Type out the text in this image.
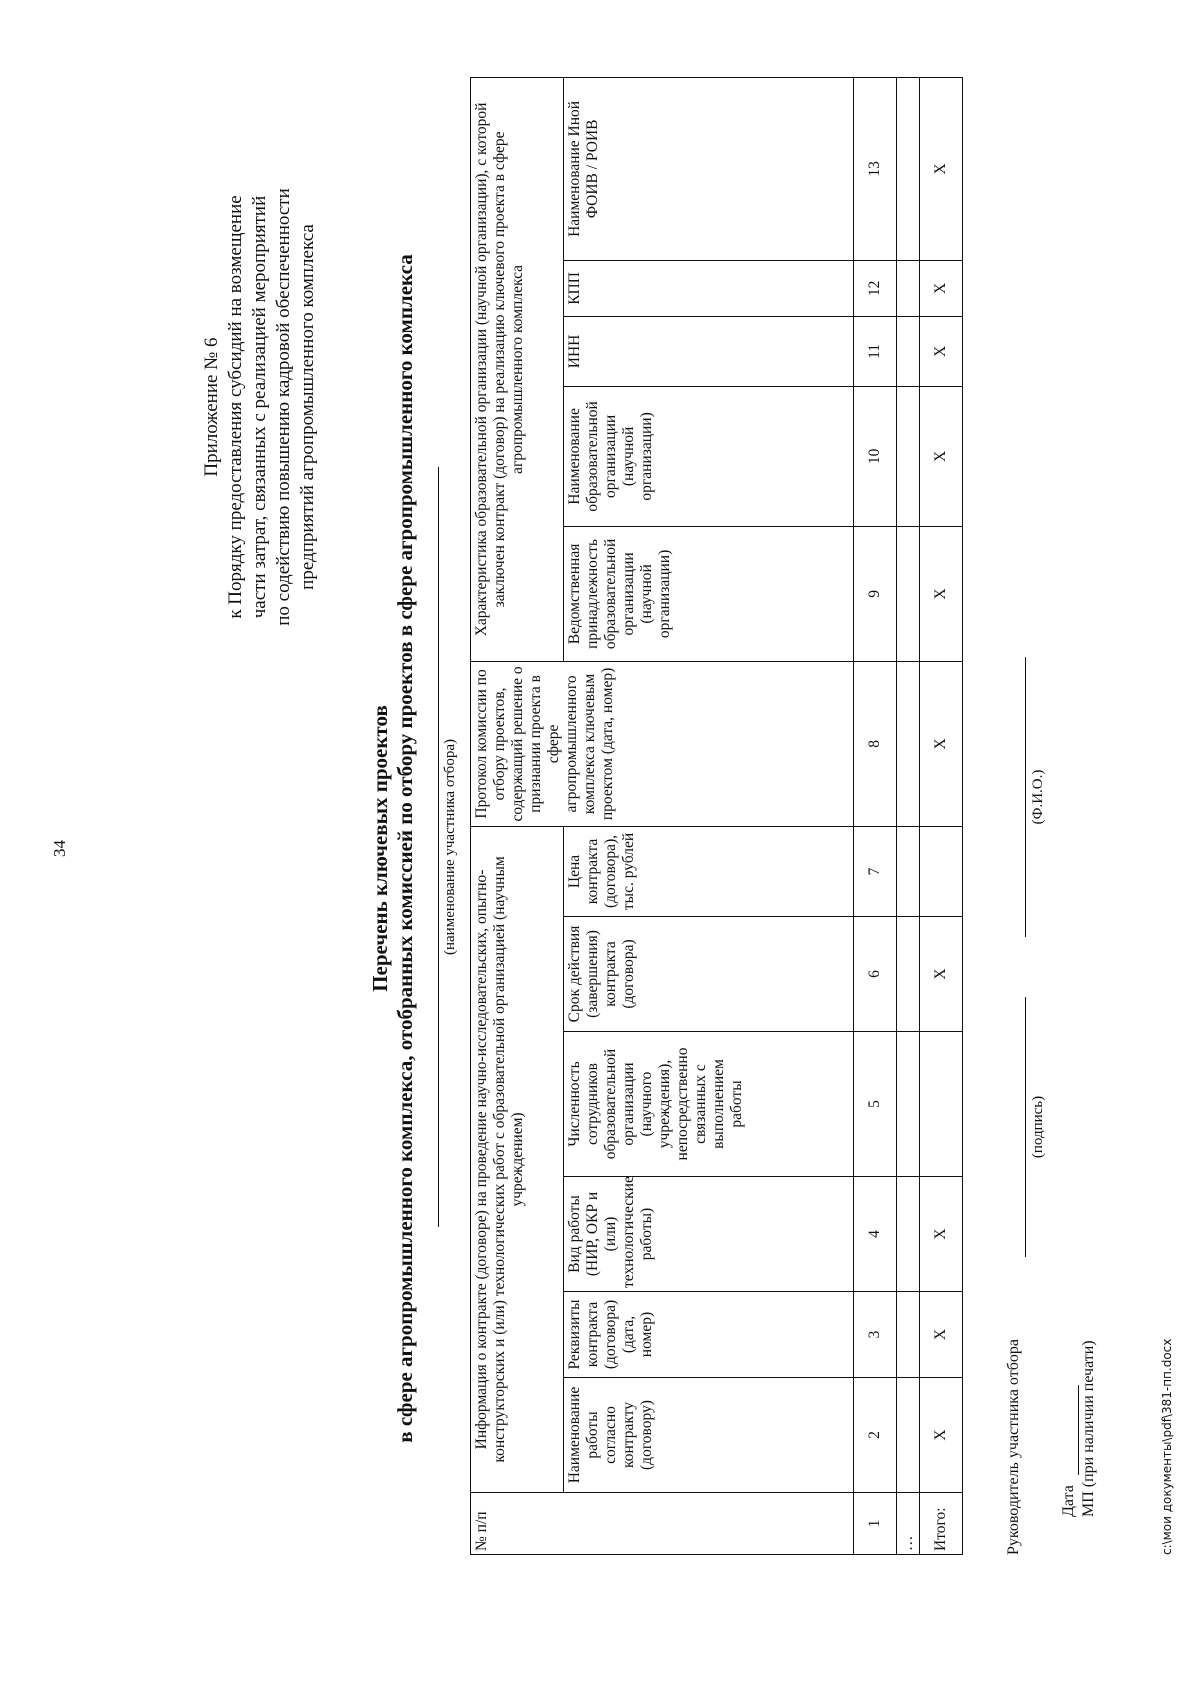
34
Приложение № 6 к Порядку предоставления субсидий на возмещение части затрат, связанных с реализацией мероприятий по содействию повышению кадровой обеспеченности предприятий агропромышленного комплекса
Перечень ключевых проектов в сфере агропромышленного комплекса, отобранных комиссией по отбору проектов в сфере агропромышленного комплекса (наименование участника отбора)
№ п/п	Информация о контракте (договоре) на проведение научно-исследовательских, опытно-конструкторских и (или) технологических работ с образовательной организацией (научным учреждением)						Протокол комиссии по отбору проектов, содержащий решение о признании проекта в сфере агропромышленного комплекса ключевым проектом (дата, номер)	Характеристика образовательной организации (научной организации), с которой заключен контракт (договор) на реализацию ключевого проекта в сфере агропромышленного комплекса				
	Наименование работы согласно контракту (договору)	Реквизиты контракта (договора) (дата, номер)	Вид работы (НИР, ОКР и (или) технологические работы)	Численность сотрудников образовательной организации (научного учреждения), непосредственно связанных с выполнением работы	Срок действия (завершения) контракта (договора)	Цена контракта (договора), тыс. рублей		Ведомственная принадлежность образовательной организации (научной организации)	Наименование образовательной организации (научной организации)	ИНН	КПП	Наименование Иной ФОИВ / РОИВ
1	2	3	4	5	6	7	8	9	10	11	12	13
…												
Итого:	X	X	X		X		X	X	X	X	X	X
Руководитель участника отбора
(подпись)
(Ф.И.О.)
Дата МП (при наличии печати)	c:\мои документы\pdf\381-пп.docx
